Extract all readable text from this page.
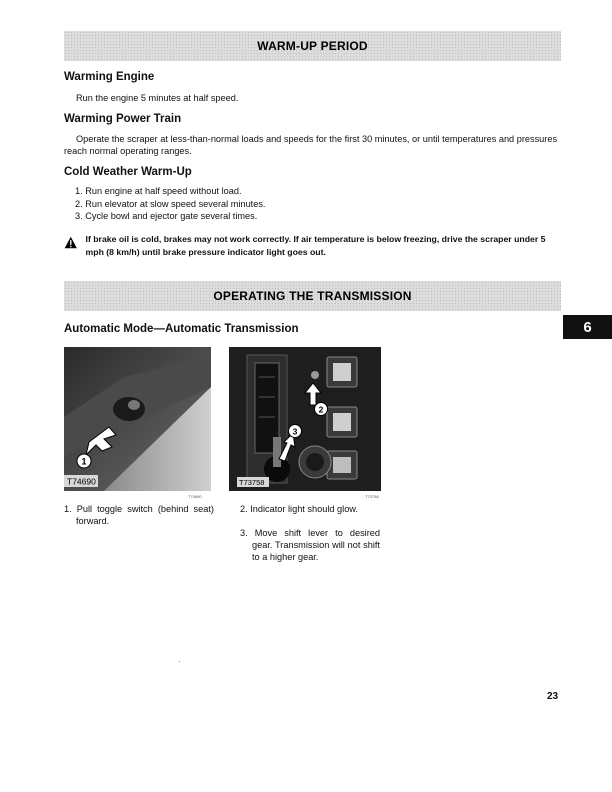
WARM-UP PERIOD
Warming Engine

Run the engine 5 minutes at half speed.

Warming Power Train

Operate the scraper at less-than-normal loads and speeds for the first 30 minutes, or until temperatures and pressures reach normal operating ranges.

Cold Weather Warm-Up
1. Run engine at half speed without load.
2. Run elevator at slow speed several minutes.
3. Cycle bowl and ejector gate several times.
If brake oil is cold, brakes may not work correctly. If air temperature is below freezing, drive the scraper under 5 mph (8 km/h) until brake pressure indicator light goes out.
OPERATING THE TRANSMISSION
Automatic Mode—Automatic Transmission	6
1
T74690
T74690
2
3
T73758
T73758

1. Pull toggle switch (behind seat) forward.

2. Indicator light should glow.

3. Move shift lever to desired gear. Transmission will not shift to a higher gear.

·
23
